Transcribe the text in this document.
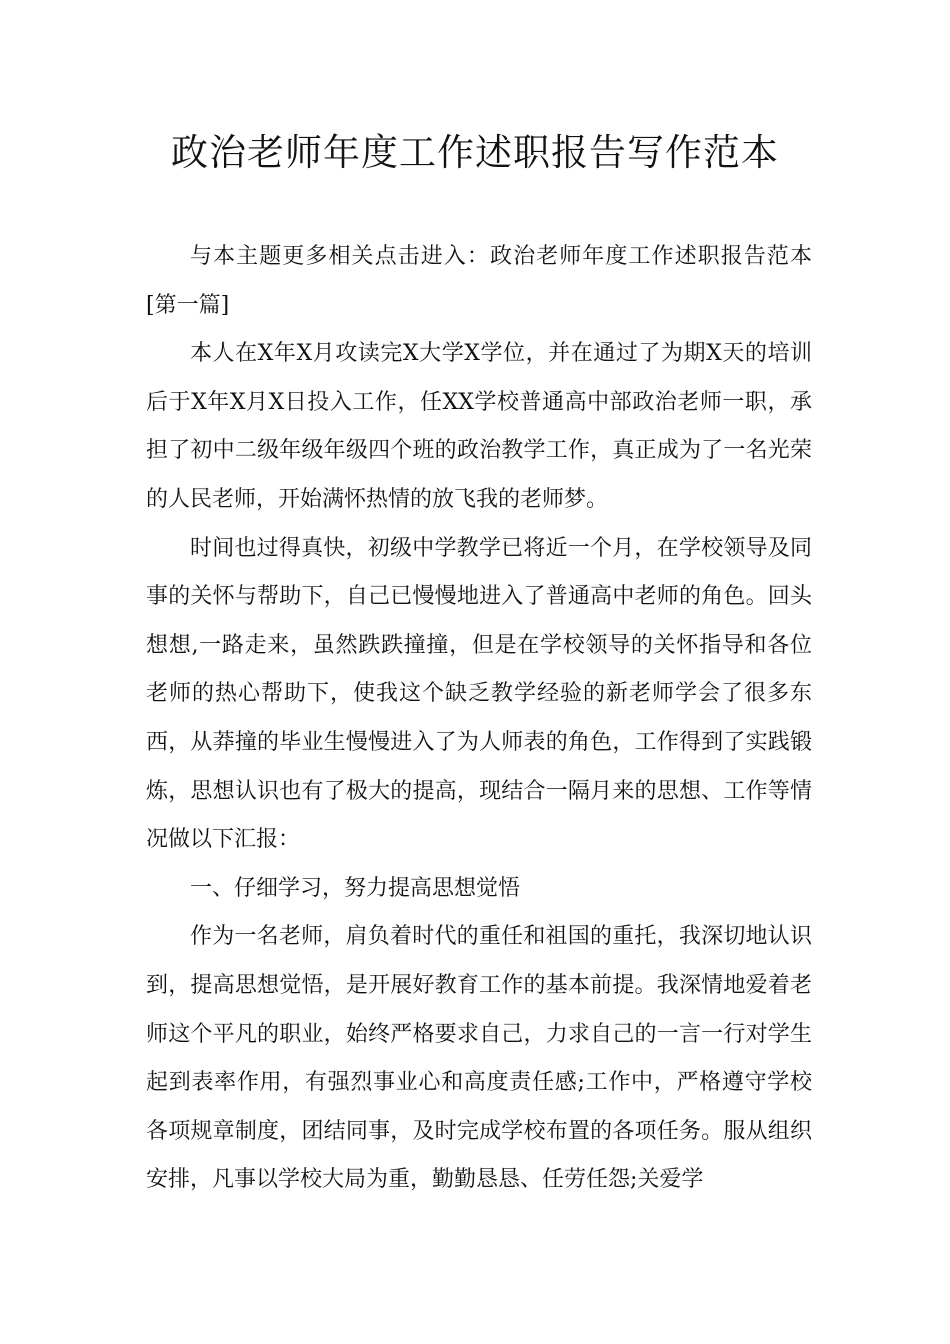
政治老师年度工作述职报告写作范本

与本主题更多相关点击进入：政治老师年度工作述职报告范本[第一篇]

本人在X年X月攻读完X大学X学位，并在通过了为期X天的培训后于X年X月X日投入工作，任XX学校普通高中部政治老师一职，承担了初中二级年级年级四个班的政治教学工作，真正成为了一名光荣的人民老师，开始满怀热情的放飞我的老师梦。

时间也过得真快，初级中学教学已将近一个月，在学校领导及同事的关怀与帮助下，自己已慢慢地进入了普通高中老师的角色。回头想想,一路走来，虽然跌跌撞撞，但是在学校领导的关怀指导和各位老师的热心帮助下，使我这个缺乏教学经验的新老师学会了很多东西，从莽撞的毕业生慢慢进入了为人师表的角色，工作得到了实践锻炼，思想认识也有了极大的提高，现结合一隔月来的思想、工作等情况做以下汇报：

一、仔细学习，努力提高思想觉悟

作为一名老师，肩负着时代的重任和祖国的重托，我深切地认识到，提高思想觉悟，是开展好教育工作的基本前提。我深情地爱着老师这个平凡的职业，始终严格要求自己，力求自己的一言一行对学生起到表率作用，有强烈事业心和高度责任感;工作中，严格遵守学校各项规章制度，团结同事，及时完成学校布置的各项任务。服从组织安排，凡事以学校大局为重，勤勤恳恳、任劳任怨;关爱学
